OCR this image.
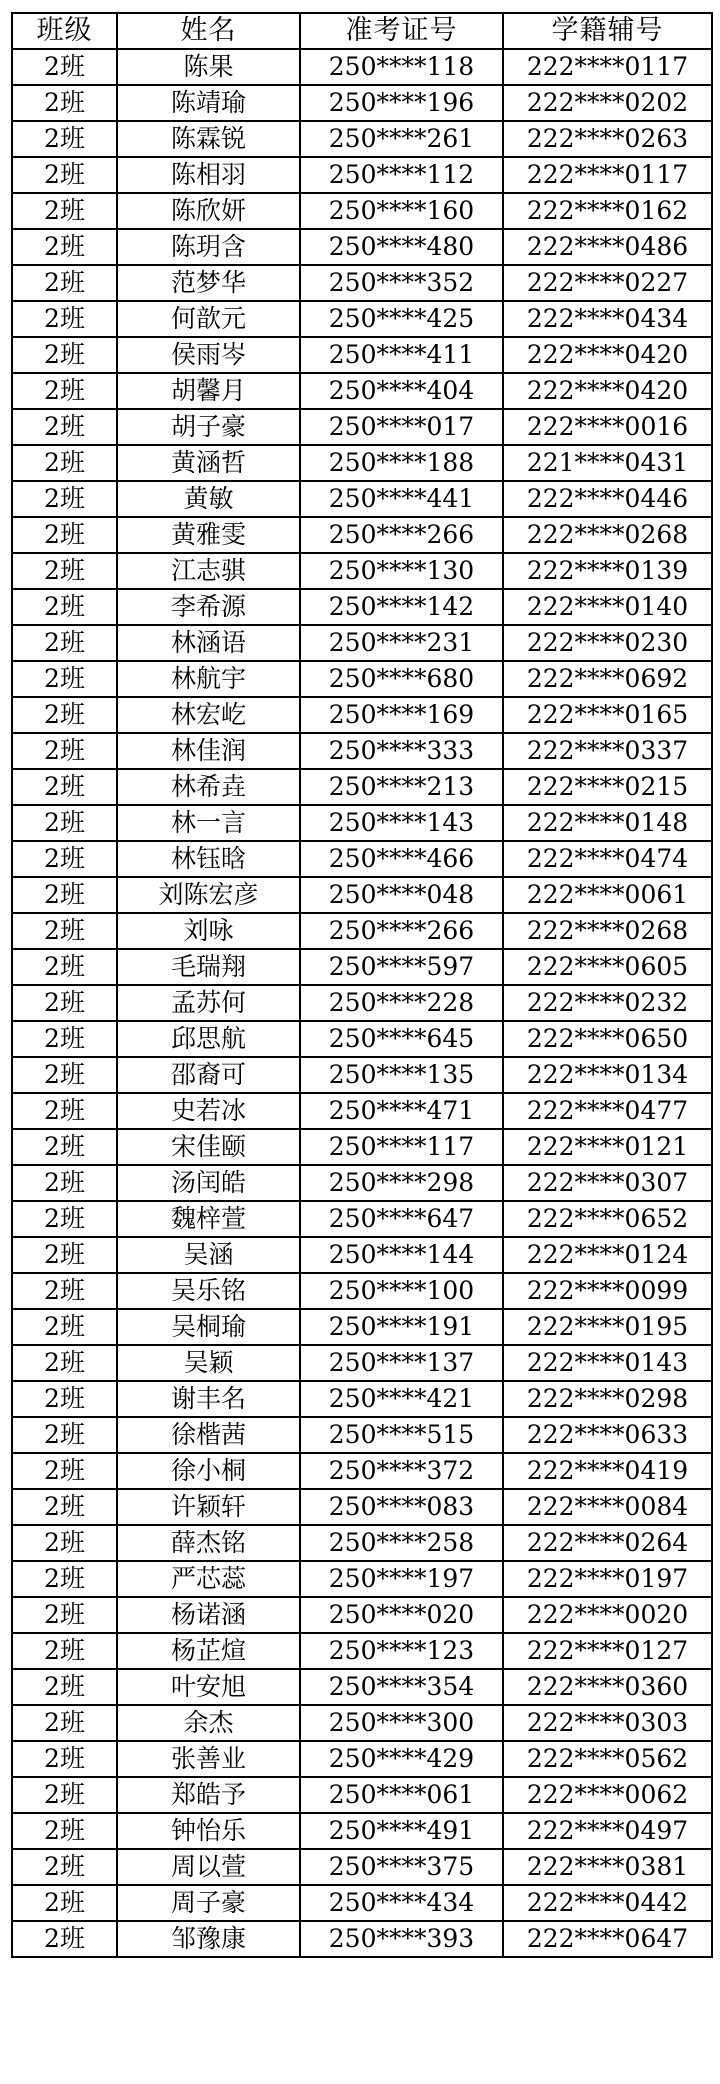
班级	姓名	准考证号	学籍辅号
2班	陈果	250****118	222****0117
2班	陈靖瑜	250****196	222****0202
2班	陈霖锐	250****261	222****0263
2班	陈相羽	250****112	222****0117
2班	陈欣妍	250****160	222****0162
2班	陈玥含	250****480	222****0486
2班	范梦华	250****352	222****0227
2班	何歆元	250****425	222****0434
2班	侯雨岑	250****411	222****0420
2班	胡馨月	250****404	222****0420
2班	胡子豪	250****017	222****0016
2班	黄涵哲	250****188	221****0431
2班	黄敏	250****441	222****0446
2班	黄雅雯	250****266	222****0268
2班	江志骐	250****130	222****0139
2班	李希源	250****142	222****0140
2班	林涵语	250****231	222****0230
2班	林航宇	250****680	222****0692
2班	林宏屹	250****169	222****0165
2班	林佳润	250****333	222****0337
2班	林希垚	250****213	222****0215
2班	林一言	250****143	222****0148
2班	林钰晗	250****466	222****0474
2班	刘陈宏彦	250****048	222****0061
2班	刘咏	250****266	222****0268
2班	毛瑞翔	250****597	222****0605
2班	孟苏何	250****228	222****0232
2班	邱思航	250****645	222****0650
2班	邵裔可	250****135	222****0134
2班	史若冰	250****471	222****0477
2班	宋佳颐	250****117	222****0121
2班	汤闰皓	250****298	222****0307
2班	魏梓萱	250****647	222****0652
2班	吴涵	250****144	222****0124
2班	吴乐铭	250****100	222****0099
2班	吴桐瑜	250****191	222****0195
2班	吴颖	250****137	222****0143
2班	谢丰名	250****421	222****0298
2班	徐楷茜	250****515	222****0633
2班	徐小桐	250****372	222****0419
2班	许颖轩	250****083	222****0084
2班	薛杰铭	250****258	222****0264
2班	严芯蕊	250****197	222****0197
2班	杨诺涵	250****020	222****0020
2班	杨芷煊	250****123	222****0127
2班	叶安旭	250****354	222****0360
2班	余杰	250****300	222****0303
2班	张善业	250****429	222****0562
2班	郑皓予	250****061	222****0062
2班	钟怡乐	250****491	222****0497
2班	周以萱	250****375	222****0381
2班	周子豪	250****434	222****0442
2班	邹豫康	250****393	222****0647
